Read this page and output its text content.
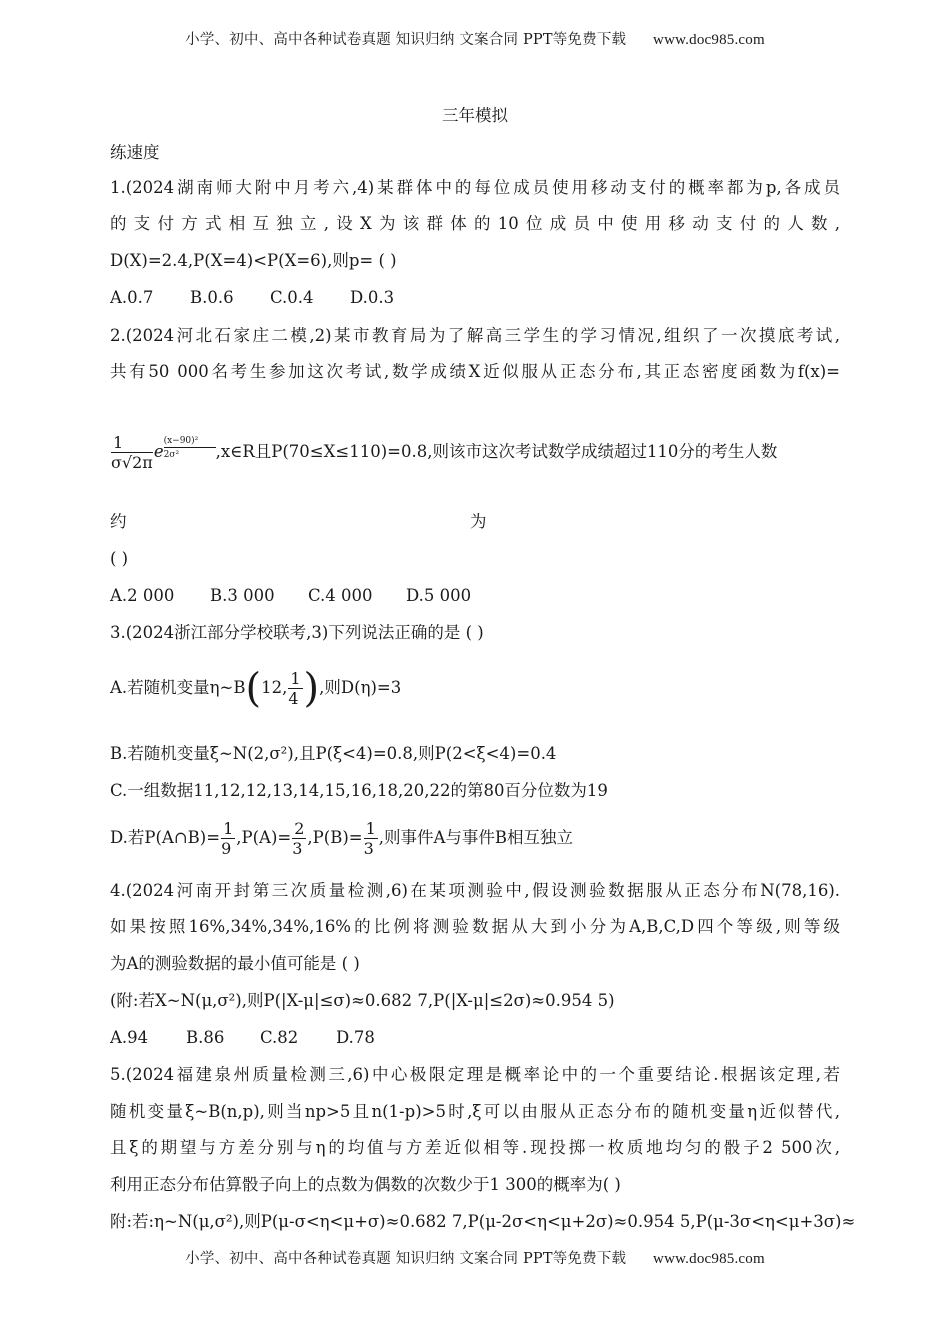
小学、初中、高中各种试卷真题 知识归纳 文案合同 PPT等免费下载 www.doc985.com
三年模拟
练速度
1.(2024湖南师大附中月考六,4)某群体中的每位成员使用移动支付的概率都为p,各成员
的支付方式相互独立,设X为该群体的10位成员中使用移动支付的人数,
D(X)=2.4,P(X=4)<P(X=6),则p= ( )
A.0.7 B.0.6 C.0.4 D.0.3
2.(2024河北石家庄二模,2)某市教育局为了解高三学生的学习情况,组织了一次摸底考试,
共有50 000名考生参加这次考试,数学成绩X近似服从正态分布,其正态密度函数为f(x)=
$\frac{1}{\sigma√2\pi}$ e $\frac{\text{(x−90)²}}{\text{2σ²}}$ ,x∈R且P(70≤X≤110)=0.8,则该市这次考试数学成绩超过110分的考生人数
约	为
( )
A.2 000 B.3 000 C.4 000 D.5 000
3.(2024浙江部分学校联考,3)下列说法正确的是 ( )
A.若随机变量η~B(12, $\frac{1}{4}$ ),则D(η)=3
B.若随机变量ξ~N(2,σ²),且P(ξ<4)=0.8,则P(2<ξ<4)=0.4
C.一组数据11,12,12,13,14,15,16,18,20,22的第80百分位数为19
D.若P(A∩B)= $\frac{1}{9} ,P(A)= \frac{2}{3} ,P(B)= \frac{1}{3}$ ,则事件A与事件B相互独立
4.(2024河南开封第三次质量检测,6)在某项测验中,假设测验数据服从正态分布N(78,16).
如果按照16%,34%,34%,16%的比例将测验数据从大到小分为A,B,C,D四个等级,则等级
为A的测验数据的最小值可能是 ( )
(附:若X~N(μ,σ²),则P(|X-μ|≤σ)≈0.682 7,P(|X-μ|≤2σ)≈0.954 5)
A.94 B.86 C.82 D.78
5.(2024福建泉州质量检测三,6)中心极限定理是概率论中的一个重要结论.根据该定理,若
随机变量ξ~B(n,p),则当np>5且n(1-p)>5时,ξ可以由服从正态分布的随机变量η近似替代,
且ξ的期望与方差分别与η的均值与方差近似相等.现投掷一枚质地均匀的骰子2 500次,
利用正态分布估算骰子向上的点数为偶数的次数少于1 300的概率为( )
附:若:η~N(μ,σ²),则P(μ-σ<η<μ+σ)≈0.682 7,P(μ-2σ<η<μ+2σ)≈0.954 5,P(μ-3σ<η<μ+3σ)≈
小学、初中、高中各种试卷真题 知识归纳 文案合同 PPT等免费下载 www.doc985.com
